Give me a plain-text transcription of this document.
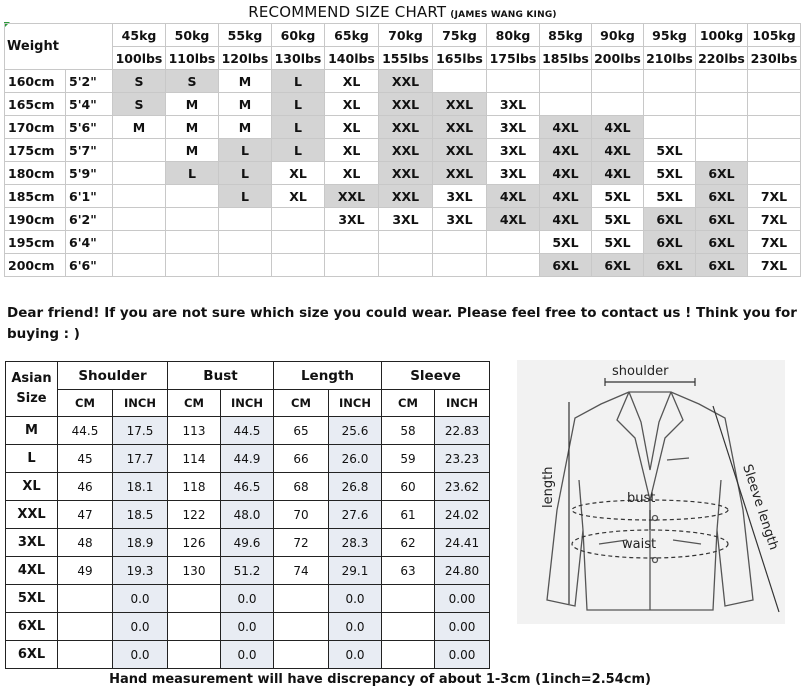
RECOMMEND SIZE CHART (JAMES WANG KING)
Weight		45kg	50kg	55kg	60kg	65kg	70kg	75kg	80kg	85kg	90kg	95kg	100kg	105kg
		100lbs	110lbs	120lbs	130lbs	140lbs	155lbs	165lbs	175lbs	185lbs	200lbs	210lbs	220lbs	230lbs
160cm	5'2"	S	S	M	L	XL	XXL							
165cm	5'4"	S	M	M	L	XL	XXL	XXL	3XL					
170cm	5'6"	M	M	M	L	XL	XXL	XXL	3XL	4XL	4XL			
175cm	5'7"		M	L	L	XL	XXL	XXL	3XL	4XL	4XL	5XL		
180cm	5'9"		L	L	XL	XL	XXL	XXL	3XL	4XL	4XL	5XL	6XL	
185cm	6'1"			L	XL	XXL	XXL	3XL	4XL	4XL	5XL	5XL	6XL	7XL
190cm	6'2"					3XL	3XL	3XL	4XL	4XL	5XL	6XL	6XL	7XL
195cm	6'4"									5XL	5XL	6XL	6XL	7XL
200cm	6'6"									6XL	6XL	6XL	6XL	7XL
Dear friend! If you are not sure which size you could wear. Please feel free to contact us ! Think you for buying : )
Asian Size	Shoulder		Bust		Length		Sleeve	
	CM	INCH	CM	INCH	CM	INCH	CM	INCH
M	44.5	17.5	113	44.5	65	25.6	58	22.83
L	45	17.7	114	44.9	66	26.0	59	23.23
XL	46	18.1	118	46.5	68	26.8	60	23.62
XXL	47	18.5	122	48.0	70	27.6	61	24.02
3XL	48	18.9	126	49.6	72	28.3	62	24.41
4XL	49	19.3	130	51.2	74	29.1	63	24.80
5XL		0.0		0.0		0.0		0.00
6XL		0.0		0.0		0.0		0.00
6XL		0.0		0.0		0.0		0.00
shoulder
bust
waist
length	Sleeve length
Hand measurement will have discrepancy of about 1-3cm (1inch=2.54cm)
